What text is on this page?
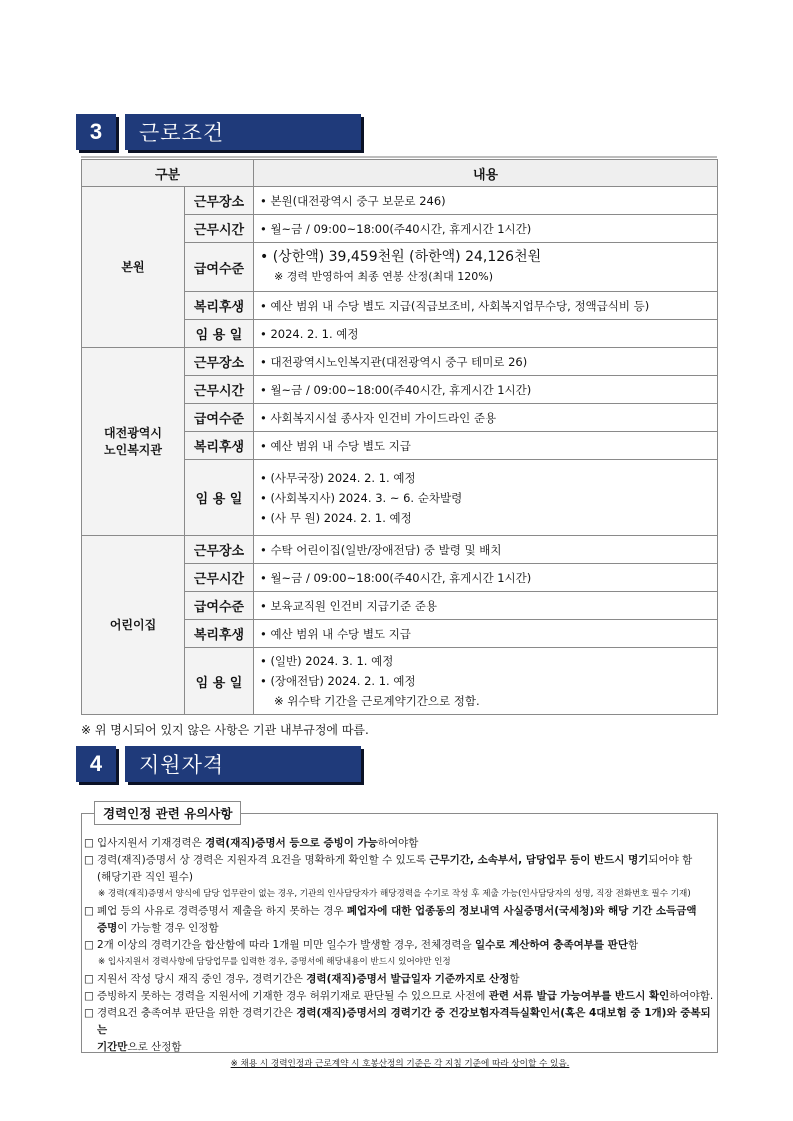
3	근로조건
구분		내용
본원	근무장소	• 본원(대전광역시 중구 보문로 246)
	근무시간	• 월~금 / 09:00~18:00(주40시간, 휴게시간 1시간)
	급여수준	• (상한액) 39,459천원 (하한액) 24,126천원
※ 경력 반영하여 최종 연봉 산정(최대 120%)

	복리후생	• 예산 범위 내 수당 별도 지급(직급보조비, 사회복지업무수당, 정액급식비 등)
	임 용 일	• 2024. 2. 1. 예정

대전광역시
노인복지관	근무장소	• 대전광역시노인복지관(대전광역시 중구 테미로 26)
	근무시간	• 월~금 / 09:00~18:00(주40시간, 휴게시간 1시간)
	급여수준	• 사회복지시설 종사자 인건비 가이드라인 준용
	복리후생	• 예산 범위 내 수당 별도 지급
	임 용 일	• (사무국장) 2024. 2. 1. 예정
• (사회복지사) 2024. 3. ~ 6. 순차발령
• (사 무 원) 2024. 2. 1. 예정

어린이집	근무장소	• 수탁 어린이집(일반/장애전담) 중 발령 및 배치
	근무시간	• 월~금 / 09:00~18:00(주40시간, 휴게시간 1시간)
	급여수준	• 보육교직원 인건비 지급기준 준용
	복리후생	• 예산 범위 내 수당 별도 지급
	임 용 일	• (일반) 2024. 3. 1. 예정
• (장애전담) 2024. 2. 1. 예정
※ 위수탁 기간을 근로계약기간으로 정함.
※ 위 명시되어 있지 않은 사항은 기관 내부규정에 따름.
4	지원자격
경력인정 관련 유의사항
□ 입사지원서 기재경력은 경력(재직)증명서 등으로 증빙이 가능하여야함
□ 경력(재직)증명서 상 경력은 지원자격 요건을 명확하게 확인할 수 있도록 근무기간, 소속부서, 담당업무 등이 반드시 명기되어야 함
(해당기관 직인 필수)
※ 경력(재직)증명서 양식에 담당 업무란이 없는 경우, 기관의 인사담당자가 해당경력을 수기로 작성 후 제출 가능(인사담당자의 성명, 직장 전화번호 필수 기재)
□ 폐업 등의 사유로 경력증명서 제출을 하지 못하는 경우 폐업자에 대한 업종동의 정보내역 사실증명서(국세청)와 해당 기간 소득금액
증명이 가능할 경우 인정함
□ 2개 이상의 경력기간을 합산함에 따라 1개월 미만 일수가 발생할 경우, 전체경력을 일수로 계산하여 충족여부를 판단함
※ 입사지원서 경력사항에 담당업무를 입력한 경우, 증명서에 해당내용이 반드시 있어야만 인정
□ 지원서 작성 당시 재직 중인 경우, 경력기간은 경력(재직)증명서 발급일자 기준까지로 산정함
□ 증빙하지 못하는 경력을 지원서에 기재한 경우 허위기재로 판단될 수 있으므로 사전에 관련 서류 발급 가능여부를 반드시 확인하여야함.
□ 경력요건 충족여부 판단을 위한 경력기간은 경력(재직)증명서의 경력기간 중 건강보험자격득실확인서(혹은 4대보험 중 1개)와 중복되는
기간만으로 산정함
※ 채용 시 경력인정과 근로계약 시 호봉산정의 기준은 각 지침 기준에 따라 상이할 수 있음.
